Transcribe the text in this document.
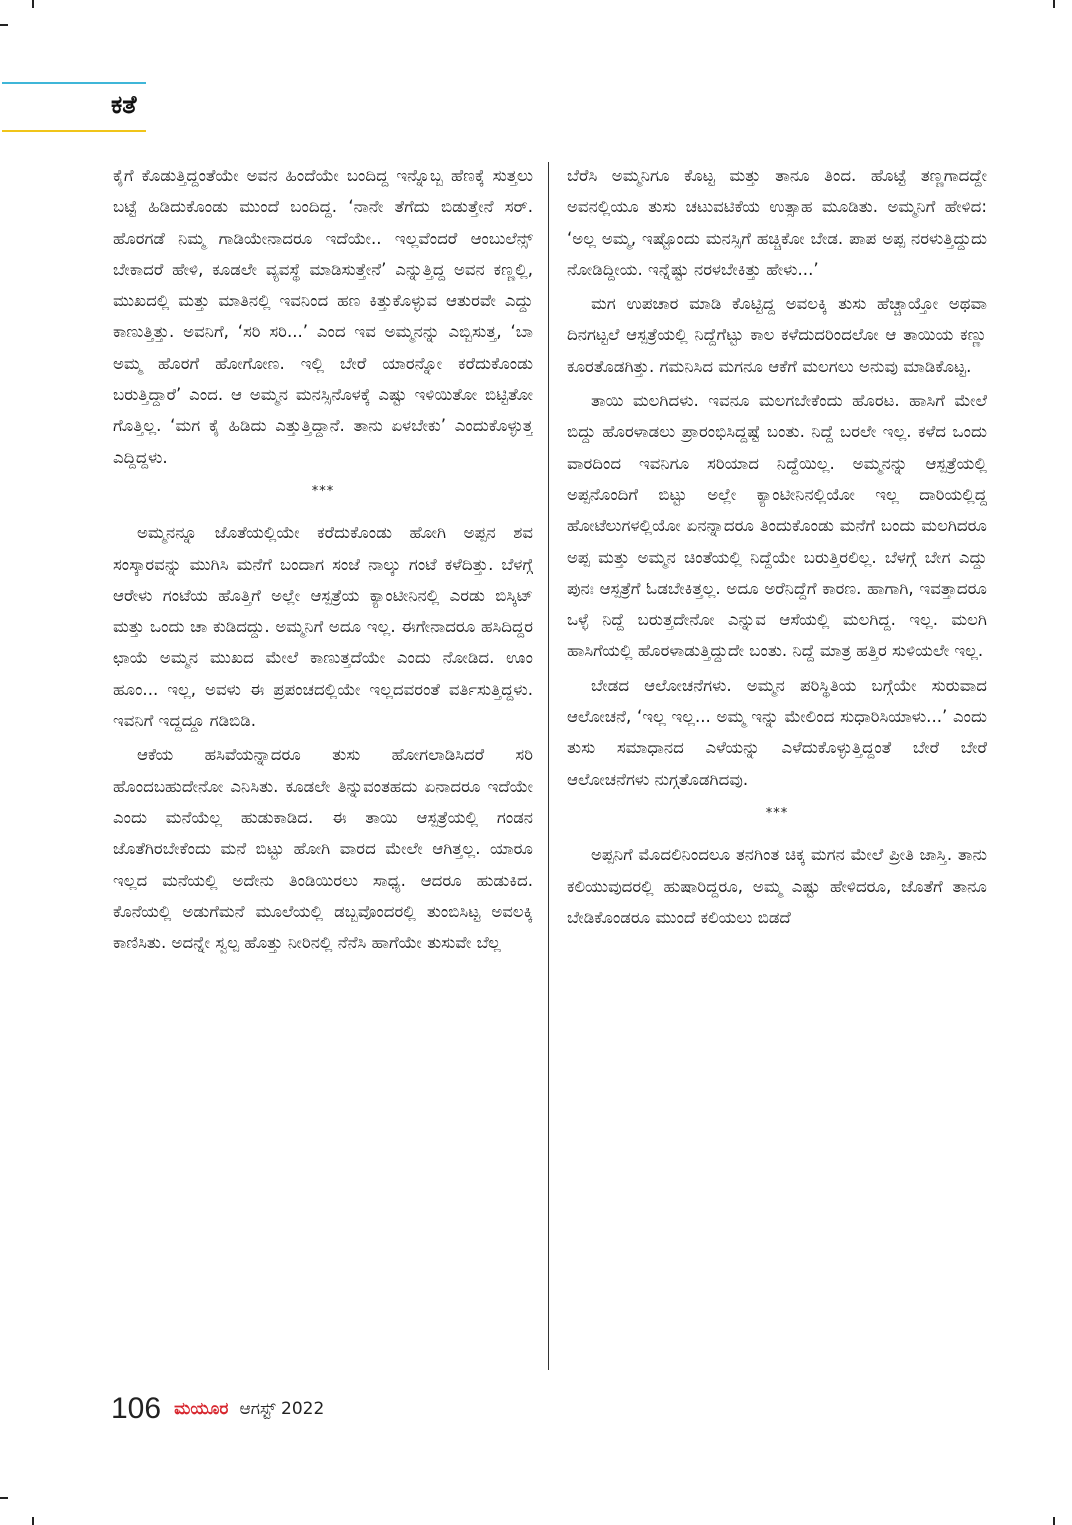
ಕತೆ

ಕೈಗೆ ಕೊಡುತ್ತಿದ್ದಂತೆಯೇ ಅವನ ಹಿಂದೆಯೇ ಬಂದಿದ್ದ ಇನ್ನೊಬ್ಬ ಹೆಣಕ್ಕೆ ಸುತ್ತಲು ಬಟ್ಟೆ ಹಿಡಿದುಕೊಂಡು ಮುಂದೆ ಬಂದಿದ್ದ. ‘ನಾನೇ ತೆಗೆದು ಬಿಡುತ್ತೇನೆ ಸರ್. ಹೊರಗಡೆ ನಿಮ್ಮ ಗಾಡಿಯೇನಾದರೂ ಇದೆಯೇ.. ಇಲ್ಲವೆಂದರೆ ಆಂಬುಲೆನ್ಸ್ ಬೇಕಾದರೆ ಹೇಳಿ, ಕೂಡಲೇ ವ್ಯವಸ್ಥೆ ಮಾಡಿಸುತ್ತೇನೆ’ ಎನ್ನುತ್ತಿದ್ದ ಅವನ ಕಣ್ಣಲ್ಲಿ, ಮುಖದಲ್ಲಿ ಮತ್ತು ಮಾತಿನಲ್ಲಿ ಇವನಿಂದ ಹಣ ಕಿತ್ತುಕೊಳ್ಳುವ ಆತುರವೇ ಎದ್ದು ಕಾಣುತ್ತಿತ್ತು. ಅವನಿಗೆ, ‘ಸರಿ ಸರಿ...’ ಎಂದ ಇವ ಅಮ್ಮನನ್ನು ಎಬ್ಬಿಸುತ್ತ, ‘ಬಾ ಅಮ್ಮ ಹೊರಗೆ ಹೋಗೋಣ. ಇಲ್ಲಿ ಬೇರೆ ಯಾರನ್ನೋ ಕರೆದುಕೊಂಡು ಬರುತ್ತಿದ್ದಾರೆ’ ಎಂದ. ಆ ಅಮ್ಮನ ಮನಸ್ಸಿನೊಳಕ್ಕೆ ಎಷ್ಟು ಇಳಿಯಿತೋ ಬಿಟ್ಟಿತೋ ಗೊತ್ತಿಲ್ಲ. ‘ಮಗ ಕೈ ಹಿಡಿದು ಎತ್ತುತ್ತಿದ್ದಾನೆ. ತಾನು ಏಳಬೇಕು’ ಎಂದುಕೊಳ್ಳುತ್ತ ಎದ್ದಿದ್ದಳು.

***

ಅಮ್ಮನನ್ನೂ ಜೊತೆಯಲ್ಲಿಯೇ ಕರೆದುಕೊಂಡು ಹೋಗಿ ಅಪ್ಪನ ಶವ ಸಂಸ್ಕಾರವನ್ನು ಮುಗಿಸಿ ಮನೆಗೆ ಬಂದಾಗ ಸಂಜೆ ನಾಲ್ಕು ಗಂಟೆ ಕಳೆದಿತ್ತು. ಬೆಳಗ್ಗೆ ಆರೇಳು ಗಂಟೆಯ ಹೊತ್ತಿಗೆ ಅಲ್ಲೇ ಆಸ್ಪತ್ರೆಯ ಕ್ಯಾಂಟೀನಿನಲ್ಲಿ ಎರಡು ಬಿಸ್ಕಿಟ್ ಮತ್ತು ಒಂದು ಚಾ ಕುಡಿದದ್ದು. ಅಮ್ಮನಿಗೆ ಅದೂ ಇಲ್ಲ. ಈಗೇನಾದರೂ ಹಸಿದಿದ್ದರ ಛಾಯೆ ಅಮ್ಮನ ಮುಖದ ಮೇಲೆ ಕಾಣುತ್ತದೆಯೇ ಎಂದು ನೋಡಿದ. ಊಂ ಹೂಂ... ಇಲ್ಲ, ಅವಳು ಈ ಪ್ರಪಂಚದಲ್ಲಿಯೇ ಇಲ್ಲದವರಂತೆ ವರ್ತಿಸುತ್ತಿದ್ದಳು. ಇವನಿಗೆ ಇದ್ದದ್ದೂ ಗಡಿಬಿಡಿ.

ಆಕೆಯ ಹಸಿವೆಯನ್ನಾದರೂ ತುಸು ಹೋಗಲಾಡಿಸಿದರೆ ಸರಿ ಹೊಂದಬಹುದೇನೋ ಎನಿಸಿತು. ಕೂಡಲೇ ತಿನ್ನುವಂತಹದು ಏನಾದರೂ ಇದೆಯೇ ಎಂದು ಮನೆಯೆಲ್ಲ ಹುಡುಕಾಡಿದ. ಈ ತಾಯಿ ಆಸ್ಪತ್ರೆಯಲ್ಲಿ ಗಂಡನ ಜೊತೆಗಿರಬೇಕೆಂದು ಮನೆ ಬಿಟ್ಟು ಹೋಗಿ ವಾರದ ಮೇಲೇ ಆಗಿತ್ತಲ್ಲ. ಯಾರೂ ಇಲ್ಲದ ಮನೆಯಲ್ಲಿ ಅದೇನು ತಿಂಡಿಯಿರಲು ಸಾಧ್ಯ. ಆದರೂ ಹುಡುಕಿದ. ಕೊನೆಯಲ್ಲಿ ಅಡುಗೆಮನೆ ಮೂಲೆಯಲ್ಲಿ ಡಬ್ಬವೊಂದರಲ್ಲಿ ತುಂಬಿಸಿಟ್ಟ ಅವಲಕ್ಕಿ ಕಾಣಿಸಿತು. ಅದನ್ನೇ ಸ್ವಲ್ಪ ಹೊತ್ತು ನೀರಿನಲ್ಲಿ ನೆನೆಸಿ ಹಾಗೆಯೇ ತುಸುವೇ ಬೆಲ್ಲ

ಬೆರೆಸಿ ಅಮ್ಮನಿಗೂ ಕೊಟ್ಟ ಮತ್ತು ತಾನೂ ತಿಂದ. ಹೊಟ್ಟೆ ತಣ್ಣಗಾದದ್ದೇ ಅವನಲ್ಲಿಯೂ ತುಸು ಚಟುವಟಿಕೆಯ ಉತ್ಸಾಹ ಮೂಡಿತು. ಅಮ್ಮನಿಗೆ ಹೇಳಿದ: ‘ಅಲ್ಲ ಅಮ್ಮ, ಇಷ್ಟೊಂದು ಮನಸ್ಸಿಗೆ ಹಚ್ಚಿಕೋ ಬೇಡ. ಪಾಪ ಅಪ್ಪ ನರಳುತ್ತಿದ್ದುದು ನೋಡಿದ್ದೀಯ. ಇನ್ನೆಷ್ಟು ನರಳಬೇಕಿತ್ತು ಹೇಳು...’

ಮಗ ಉಪಚಾರ ಮಾಡಿ ಕೊಟ್ಟಿದ್ದ ಅವಲಕ್ಕಿ ತುಸು ಹೆಚ್ಚಾಯ್ತೋ ಅಥವಾ ದಿನಗಟ್ಟಲೆ ಆಸ್ಪತ್ರೆಯಲ್ಲಿ ನಿದ್ದೆಗೆಟ್ಟು ಕಾಲ ಕಳೆದುದರಿಂದಲೋ ಆ ತಾಯಿಯ ಕಣ್ಣು ಕೂರತೊಡಗಿತ್ತು. ಗಮನಿಸಿದ ಮಗನೂ ಆಕೆಗೆ ಮಲಗಲು ಅನುವು ಮಾಡಿಕೊಟ್ಟ.

ತಾಯಿ ಮಲಗಿದಳು. ಇವನೂ ಮಲಗಬೇಕೆಂದು ಹೊರಟ. ಹಾಸಿಗೆ ಮೇಲೆ ಬಿದ್ದು ಹೊರಳಾಡಲು ಪ್ರಾರಂಭಿಸಿದ್ದಷ್ಟೆ ಬಂತು. ನಿದ್ದೆ ಬರಲೇ ಇಲ್ಲ. ಕಳೆದ ಒಂದು ವಾರದಿಂದ ಇವನಿಗೂ ಸರಿಯಾದ ನಿದ್ದೆಯಿಲ್ಲ. ಅಮ್ಮನನ್ನು ಆಸ್ಪತ್ರೆಯಲ್ಲಿ ಅಪ್ಪನೊಂದಿಗೆ ಬಿಟ್ಟು ಅಲ್ಲೇ ಕ್ಯಾಂಟೀನಿನಲ್ಲಿಯೋ ಇಲ್ಲ ದಾರಿಯಲ್ಲಿದ್ದ ಹೋಟೆಲುಗಳಲ್ಲಿಯೋ ಏನನ್ನಾದರೂ ತಿಂದುಕೊಂಡು ಮನೆಗೆ ಬಂದು ಮಲಗಿದರೂ ಅಪ್ಪ ಮತ್ತು ಅಮ್ಮನ ಚಿಂತೆಯಲ್ಲಿ ನಿದ್ದೆಯೇ ಬರುತ್ತಿರಲಿಲ್ಲ. ಬೆಳಗ್ಗೆ ಬೇಗ ಎದ್ದು ಪುನಃ ಆಸ್ಪತ್ರೆಗೆ ಓಡಬೇಕಿತ್ತಲ್ಲ. ಅದೂ ಅರೆನಿದ್ದೆಗೆ ಕಾರಣ. ಹಾಗಾಗಿ, ಇವತ್ತಾದರೂ ಒಳ್ಳೆ ನಿದ್ದೆ ಬರುತ್ತದೇನೋ ಎನ್ನುವ ಆಸೆಯಲ್ಲಿ ಮಲಗಿದ್ದ. ಇಲ್ಲ. ಮಲಗಿ ಹಾಸಿಗೆಯಲ್ಲಿ ಹೊರಳಾಡುತ್ತಿದ್ದುದೇ ಬಂತು. ನಿದ್ದೆ ಮಾತ್ರ ಹತ್ತಿರ ಸುಳಿಯಲೇ ಇಲ್ಲ.

ಬೇಡದ ಆಲೋಚನೆಗಳು. ಅಮ್ಮನ ಪರಿಸ್ಥಿತಿಯ ಬಗ್ಗೆಯೇ ಸುರುವಾದ ಆಲೋಚನೆ, ‘ಇಲ್ಲ ಇಲ್ಲ... ಅಮ್ಮ ಇನ್ನು ಮೇಲಿಂದ ಸುಧಾರಿಸಿಯಾಳು...’ ಎಂದು ತುಸು ಸಮಾಧಾನದ ಎಳೆಯನ್ನು ಎಳೆದುಕೊಳ್ಳುತ್ತಿದ್ದಂತೆ ಬೇರೆ ಬೇರೆ ಆಲೋಚನೆಗಳು ನುಗ್ಗತೊಡಗಿದವು.

***

ಅಪ್ಪನಿಗೆ ಮೊದಲಿನಿಂದಲೂ ತನಗಿಂತ ಚಿಕ್ಕ ಮಗನ ಮೇಲೆ ಪ್ರೀತಿ ಜಾಸ್ತಿ. ತಾನು ಕಲಿಯುವುದರಲ್ಲಿ ಹುಷಾರಿದ್ದರೂ, ಅಮ್ಮ ಎಷ್ಟು ಹೇಳಿದರೂ, ಜೊತೆಗೆ ತಾನೂ ಬೇಡಿಕೊಂಡರೂ ಮುಂದೆ ಕಲಿಯಲು ಬಿಡದೆ

106 ಮಯೂರ ಆಗಸ್ಟ್ 2022
